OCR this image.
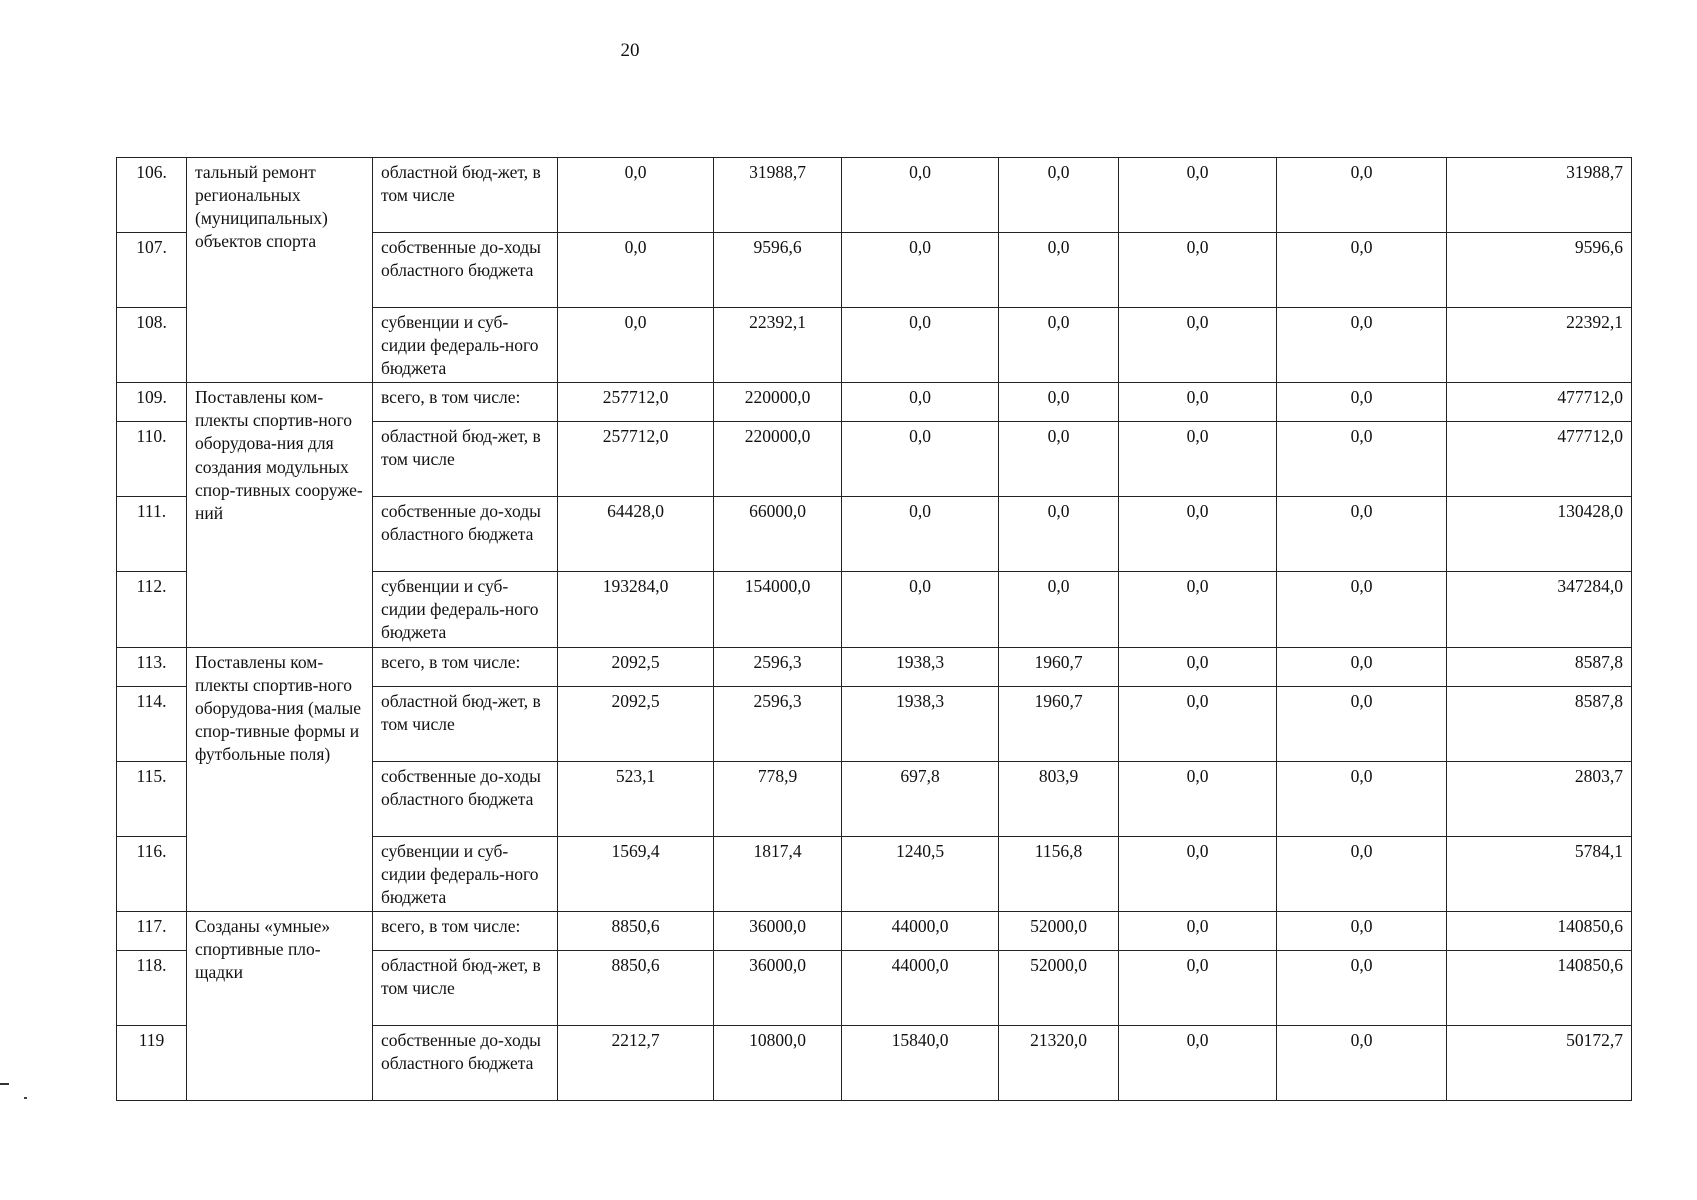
20
106.	тальный ремонт региональных (муниципальных) объектов спорта	областной бюд-жет, в том числе	0,0	31988,7	0,0	0,0	0,0	0,0	31988,7
107.		собственные до-ходы областного бюджета	0,0	9596,6	0,0	0,0	0,0	0,0	9596,6
108.		субвенции и суб-сидии федераль-ного бюджета	0,0	22392,1	0,0	0,0	0,0	0,0	22392,1
109.	Поставлены ком-плекты спортив-ного оборудова-ния для создания модульных спор-тивных сооруже-ний	всего, в том числе:	257712,0	220000,0	0,0	0,0	0,0	0,0	477712,0
110.		областной бюд-жет, в том числе	257712,0	220000,0	0,0	0,0	0,0	0,0	477712,0
111.		собственные до-ходы областного бюджета	64428,0	66000,0	0,0	0,0	0,0	0,0	130428,0
112.		субвенции и суб-сидии федераль-ного бюджета	193284,0	154000,0	0,0	0,0	0,0	0,0	347284,0
113.	Поставлены ком-плекты спортив-ного оборудова-ния (малые спор-тивные формы и футбольные поля)	всего, в том числе:	2092,5	2596,3	1938,3	1960,7	0,0	0,0	8587,8
114.		областной бюд-жет, в том числе	2092,5	2596,3	1938,3	1960,7	0,0	0,0	8587,8
115.		собственные до-ходы областного бюджета	523,1	778,9	697,8	803,9	0,0	0,0	2803,7
116.		субвенции и суб-сидии федераль-ного бюджета	1569,4	1817,4	1240,5	1156,8	0,0	0,0	5784,1
117.	Созданы «умные» спортивные пло-щадки	всего, в том числе:	8850,6	36000,0	44000,0	52000,0	0,0	0,0	140850,6
118.		областной бюд-жет, в том числе	8850,6	36000,0	44000,0	52000,0	0,0	0,0	140850,6
119		собственные до-ходы областного бюджета	2212,7	10800,0	15840,0	21320,0	0,0	0,0	50172,7
